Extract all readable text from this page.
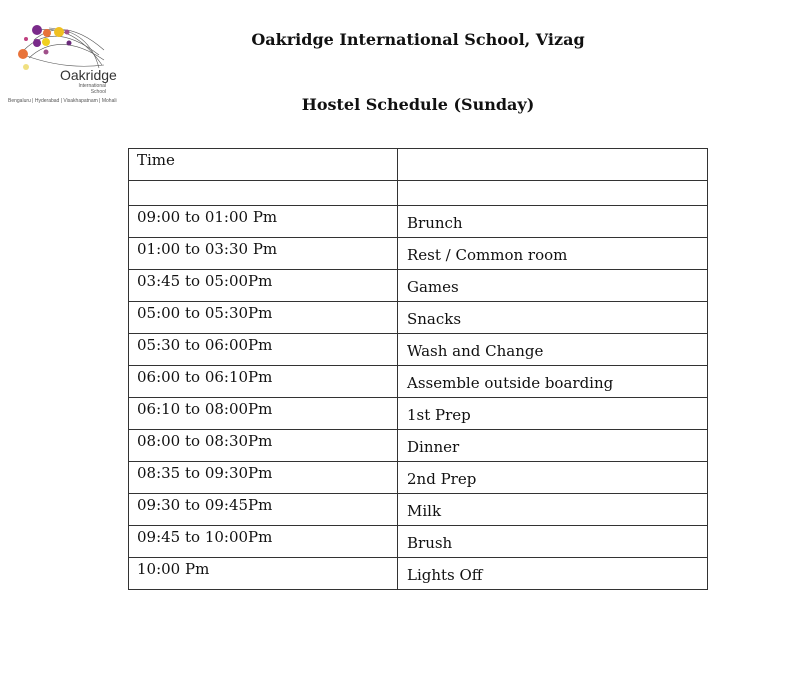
Oakridge
International School
Bengaluru | Hyderabad | Visakhapatnam | Mohali
Oakridge International School, Vizag
Hostel Schedule (Sunday)
Time	

09:00 to 01:00 Pm	Brunch
01:00 to 03:30 Pm	Rest / Common room
03:45 to 05:00Pm	Games
05:00 to 05:30Pm	Snacks
05:30 to 06:00Pm	Wash and Change
06:00 to 06:10Pm	Assemble outside boarding
06:10 to 08:00Pm	1st Prep
08:00 to 08:30Pm	Dinner
08:35 to 09:30Pm	2nd Prep
09:30 to 09:45Pm	Milk
09:45 to 10:00Pm	Brush
10:00 Pm	Lights Off
